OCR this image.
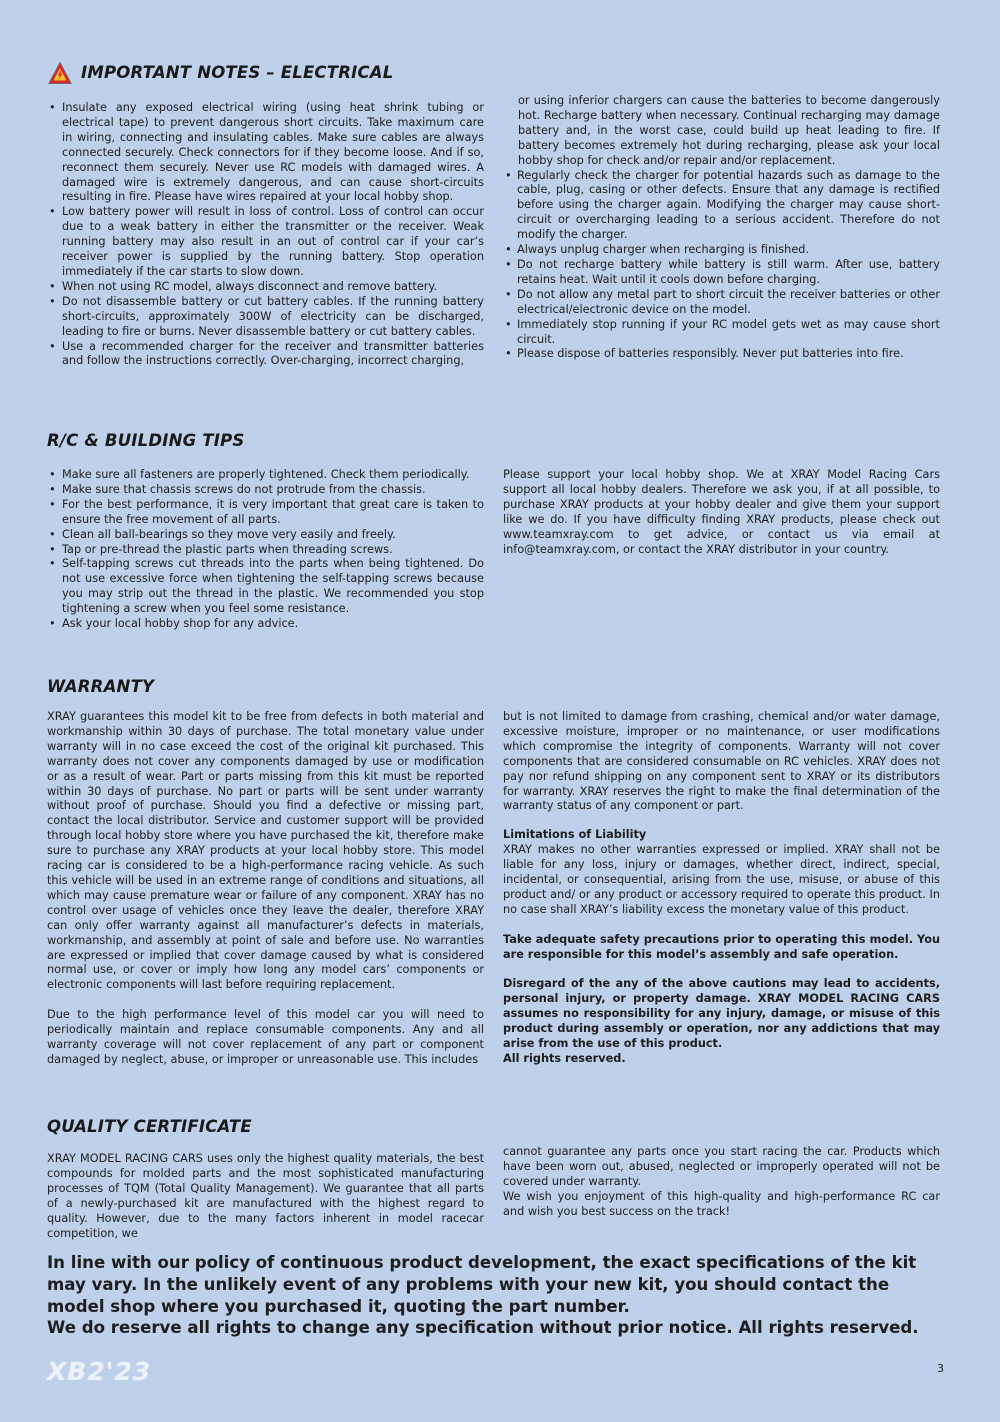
IMPORTANT NOTES – ELECTRICAL
• Insulate any exposed electrical wiring (using heat shrink tubing or electrical tape) to prevent dangerous short circuits. Take maximum care in wiring, connecting and insulating cables. Make sure cables are always connected securely. Check connectors for if they become loose. And if so, reconnect them securely. Never use RC models with damaged wires. A damaged wire is extremely dangerous, and can cause short-circuits resulting in fire. Please have wires repaired at your local hobby shop.
• Low battery power will result in loss of control. Loss of control can occur due to a weak battery in either the transmitter or the receiver. Weak running battery may also result in an out of control car if your car’s receiver power is supplied by the running battery. Stop operation immediately if the car starts to slow down.
• When not using RC model, always disconnect and remove battery.
• Do not disassemble battery or cut battery cables. If the running battery short-circuits, approximately 300W of electricity can be discharged, leading to fire or burns. Never disassemble battery or cut battery cables.
• Use a recommended charger for the receiver and transmitter batteries and follow the instructions correctly. Over-charging, incorrect charging,

or using inferior chargers can cause the batteries to become dangerously hot. Recharge battery when necessary. Continual recharging may damage battery and, in the worst case, could build up heat leading to fire. If battery becomes extremely hot during recharging, please ask your local hobby shop for check and/or repair and/or replacement.

• Regularly check the charger for potential hazards such as damage to the cable, plug, casing or other defects. Ensure that any damage is rectified before using the charger again. Modifying the charger may cause short-circuit or overcharging leading to a serious accident. Therefore do not modify the charger.
• Always unplug charger when recharging is finished.
• Do not recharge battery while battery is still warm. After use, battery retains heat. Wait until it cools down before charging.
• Do not allow any metal part to short circuit the receiver batteries or other electrical/electronic device on the model.
• Immediately stop running if your RC model gets wet as may cause short circuit.
• Please dispose of batteries responsibly. Never put batteries into fire.
R/C & BUILDING TIPS
• Make sure all fasteners are properly tightened. Check them periodically.
• Make sure that chassis screws do not protrude from the chassis.
• For the best performance, it is very important that great care is taken to ensure the free movement of all parts.
• Clean all ball-bearings so they move very easily and freely.
• Tap or pre-thread the plastic parts when threading screws.
• Self-tapping screws cut threads into the parts when being tightened. Do not use excessive force when tightening the self-tapping screws because you may strip out the thread in the plastic. We recommended you stop tightening a screw when you feel some resistance.
• Ask your local hobby shop for any advice.

Please support your local hobby shop. We at XRAY Model Racing Cars support all local hobby dealers. Therefore we ask you, if at all possible, to purchase XRAY products at your hobby dealer and give them your support like we do. If you have difficulty finding XRAY products, please check out www.teamxray.com to get advice, or contact us via email at info@teamxray.com, or contact the XRAY distributor in your country.

WARRANTY

XRAY guarantees this model kit to be free from defects in both material and workmanship within 30 days of purchase. The total monetary value under warranty will in no case exceed the cost of the original kit purchased. This warranty does not cover any components damaged by use or modification or as a result of wear. Part or parts missing from this kit must be reported within 30 days of purchase. No part or parts will be sent under warranty without proof of purchase. Should you find a defective or missing part, contact the local distributor. Service and customer support will be provided through local hobby store where you have purchased the kit, therefore make sure to purchase any XRAY products at your local hobby store. This model racing car is considered to be a high-performance racing vehicle. As such this vehicle will be used in an extreme range of conditions and situations, all which may cause premature wear or failure of any component. XRAY has no control over usage of vehicles once they leave the dealer, therefore XRAY can only offer warranty against all manufacturer’s defects in materials, workmanship, and assembly at point of sale and before use. No warranties are expressed or implied that cover damage caused by what is considered normal use, or cover or imply how long any model cars’ components or electronic components will last before requiring replacement.

Due to the high performance level of this model car you will need to periodically maintain and replace consumable components. Any and all warranty coverage will not cover replacement of any part or component damaged by neglect, abuse, or improper or unreasonable use. This includes

but is not limited to damage from crashing, chemical and/or water damage, excessive moisture, improper or no maintenance, or user modifications which compromise the integrity of components. Warranty will not cover components that are considered consumable on RC vehicles. XRAY does not pay nor refund shipping on any component sent to XRAY or its distributors for warranty. XRAY reserves the right to make the final determination of the warranty status of any component or part.

Limitations of Liability

XRAY makes no other warranties expressed or implied. XRAY shall not be liable for any loss, injury or damages, whether direct, indirect, special, incidental, or consequential, arising from the use, misuse, or abuse of this product and/ or any product or accessory required to operate this product. In no case shall XRAY’s liability excess the monetary value of this product.

Take adequate safety precautions prior to operating this model. You are responsible for this model’s assembly and safe operation.

Disregard of the any of the above cautions may lead to accidents, personal injury, or property damage. XRAY MODEL RACING CARS assumes no responsibility for any injury, damage, or misuse of this product during assembly or operation, nor any addictions that may arise from the use of this product.

All rights reserved.

QUALITY CERTIFICATE

XRAY MODEL RACING CARS uses only the highest quality materials, the best compounds for molded parts and the most sophisticated manufacturing processes of TQM (Total Quality Management). We guarantee that all parts of a newly-purchased kit are manufactured with the highest regard to quality. However, due to the many factors inherent in model racecar competition, we

cannot guarantee any parts once you start racing the car. Products which have been worn out, abused, neglected or improperly operated will not be covered under warranty.

We wish you enjoyment of this high-quality and high-performance RC car and wish you best success on the track!

In line with our policy of continuous product development, the exact specifications of the kit may vary. In the unlikely event of any problems with your new kit, you should contact the model shop where you purchased it, quoting the part number.

We do reserve all rights to change any specification without prior notice. All rights reserved.

XB2'23	3
